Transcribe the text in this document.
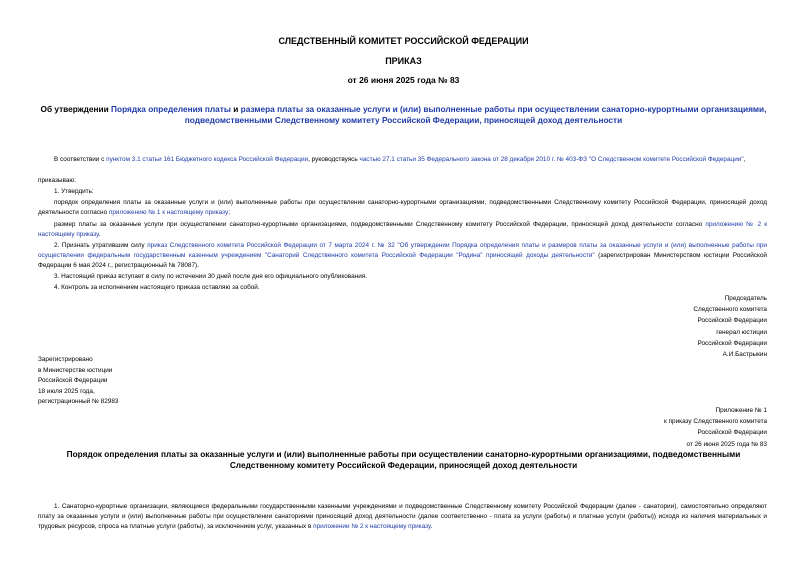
СЛЕДСТВЕННЫЙ КОМИТЕТ РОССИЙСКОЙ ФЕДЕРАЦИИ
ПРИКАЗ
от 26 июня 2025 года № 83
Об утверждении Порядка определения платы и размера платы за оказанные услуги и (или) выполненные работы при осуществлении санаторно-курортными организациями, подведомственными Следственному комитету Российской Федерации, приносящей доход деятельности
В соответствии с пунктом 3.1 статьи 161 Бюджетного кодекса Российской Федерации, руководствуясь частью 27.1 статьи 35 Федерального закона от 28 декабря 2010 г. № 403-ФЗ "О Следственном комитете Российской Федерации",
приказываю:
1. Утвердить:
порядок определения платы за оказанные услуги и (или) выполненные работы при осуществлении санаторно-курортными организациями, подведомственными Следственному комитету Российской Федерации, приносящей доход деятельности согласно приложению № 1 к настоящему приказу;
размер платы за оказанные услуги при осуществлении санаторно-курортными организациями, подведомственными Следственному комитету Российской Федерации, приносящей доход деятельности согласно приложению № 2 к настоящему приказу.
2. Признать утратившим силу приказ Следственного комитета Российской Федерации от 7 марта 2024 г. № 32 "Об утверждении Порядка определения платы и размеров платы за оказанные услуги и (или) выполненные работы при осуществлении федеральным государственным казенным учреждением "Санаторий Следственного комитета Российской Федерации "Родина" приносящей доходы деятельности" (зарегистрирован Министерством юстиции Российской Федерации 6 мая 2024 г., регистрационный № 78087).
3. Настоящий приказ вступает в силу по истечении 30 дней после дня его официального опубликования.
4. Контроль за исполнением настоящего приказа оставляю за собой.
Председатель
Следственного комитета
Российской Федерации
генерал юстиции
Российской Федерации
А.И.Бастрыкин
Зарегистрировано
в Министерстве юстиции
Российской Федерации
18 июля 2025 года,
регистрационный № 82983
Приложение № 1
к приказу Следственного комитета
Российской Федерации
от 26 июня 2025 года № 83
Порядок определения платы за оказанные услуги и (или) выполненные работы при осуществлении санаторно-курортными организациями, подведомственными Следственному комитету Российской Федерации, приносящей доход деятельности
1. Санаторно-курортные организации, являющиеся федеральными государственными казенными учреждениями и подведомственные Следственному комитету Российской Федерации (далее - санатории), самостоятельно определяют плату за оказанные услуги и (или) выполненные работы при осуществлении санаториями приносящей доход деятельности (далее соответственно - плата за услуги (работы) и платные услуги (работы)) исходя из наличия материальных и трудовых ресурсов, спроса на платные услуги (работы), за исключением услуг, указанных в приложении № 2 к настоящему приказу.
